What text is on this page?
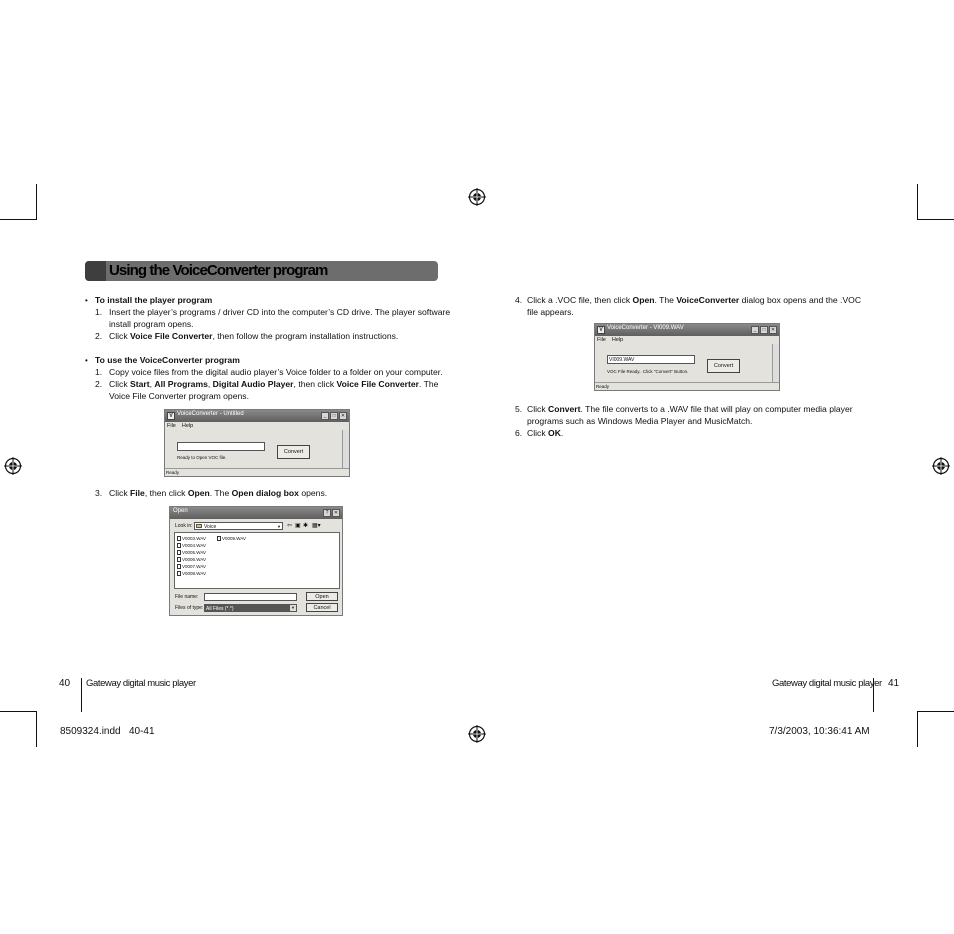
Using the VoiceConverter program
• To install the player program
1. Insert the player’s programs / driver CD into the computer’s CD drive. The player software
install program opens.
2. Click Voice File Converter, then follow the program installation instructions.
• To use the VoiceConverter program
1. Copy voice files from the digital audio player’s Voice folder to a folder on your computer.
2. Click Start, All Programs, Digital Audio Player, then click Voice File Converter. The
Voice File Converter program opens.
V VoiceConverter - Untitled	_	□	✕
File Help
Ready to Open VOC file.
Convert
Ready
3. Click File, then click Open. The Open dialog box opens.
Open	?	✕
Look in:	Voice	▼ ⇦ ▣ ✱ ▦▾
V0003.WAV
V0004.WAV
V0005.WAV
V0006.WAV
V0007.WAV
V0008.WAV
V0009.WAV
File name:
Files of type: All Files (*.*)	▼
Open
Cancel
4. Click a .VOC file, then click Open. The VoiceConverter dialog box opens and the .VOC
file appears.
V VoiceConverter - VI009.WAV	_	□	✕
File Help
VI009.WAV
VOC File Ready.. Click "Convert" Button.
Convert
Ready
5. Click Convert. The file converts to a .WAV file that will play on computer media player
programs such as Windows Media Player and MusicMatch.
6. Click OK.
40 Gateway digital music player	Gateway digital music player 41
8509324.indd   40-41	7/3/2003, 10:36:41 AM
